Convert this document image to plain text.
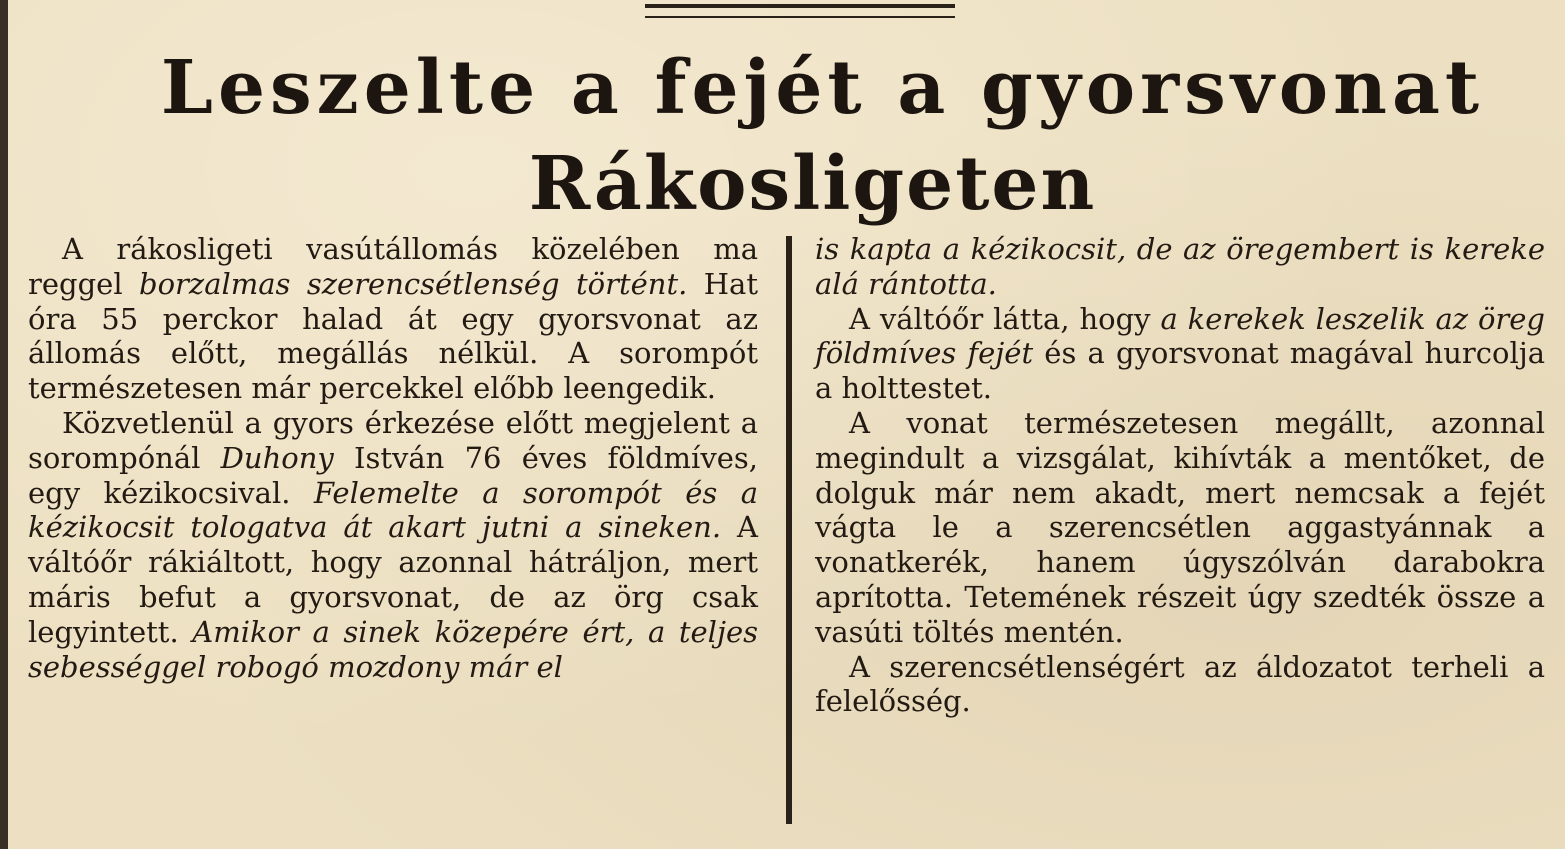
Leszelte a fejét a gyorsvonat
Rákosligeten

A rákosligeti vasútállomás közelében ma reggel borzalmas szerencsétlenség történt. Hat óra 55 perckor halad át egy gyorsvonat az állomás előtt, megállás nélkül. A sorompót természetesen már percekkel előbb leengedik.

Közvetlenül a gyors érkezése előtt megjelent a sorompónál Duhony István 76 éves földmíves, egy kézikocsival. Felemelte a sorompót és a kézikocsit tologatva át akart jutni a sineken. A váltóőr rákiáltott, hogy azonnal hátráljon, mert máris befut a gyorsvonat, de az örg csak legyintett. Amikor a sinek közepére ért, a teljes sebességgel robogó mozdony már el

is kapta a kézikocsit, de az öregembert is kereke alá rántotta.

A váltóőr látta, hogy a kerekek leszelik az öreg földmíves fejét és a gyorsvonat magával hurcolja a holttestet.

A vonat természetesen megállt, azonnal megindult a vizsgálat, kihívták a mentőket, de dolguk már nem akadt, mert nemcsak a fejét vágta le a szerencsétlen aggastyánnak a vonatkerék, hanem úgyszólván darabokra aprította. Tetemének részeit úgy szedték össze a vasúti töltés mentén.

A szerencsétlenségért az áldozatot terheli a felelősség.
